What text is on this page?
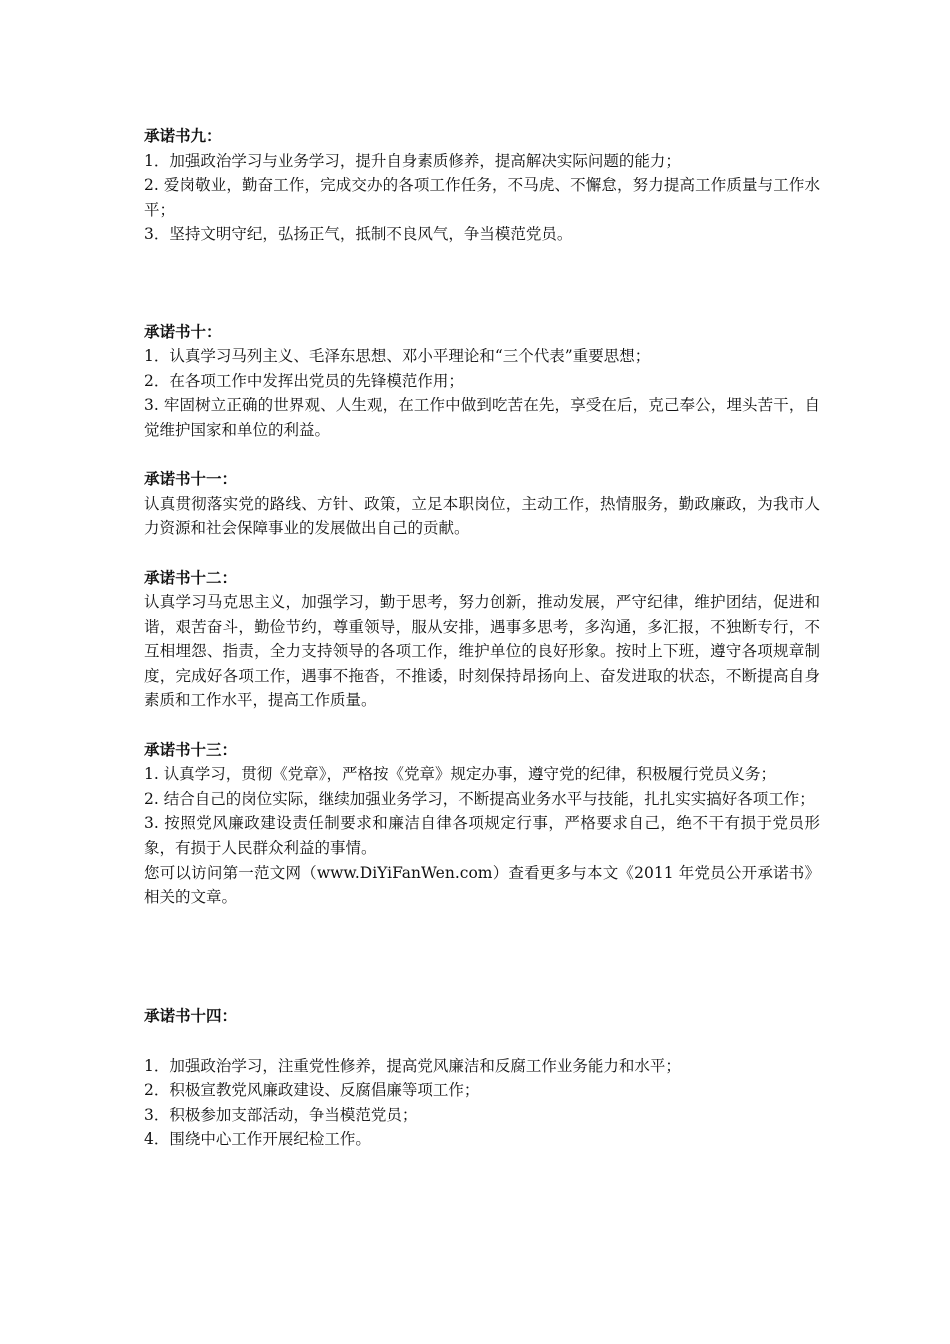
承诺书九：

1．加强政治学习与业务学习，提升自身素质修养，提高解决实际问题的能力；

2. 爱岗敬业，勤奋工作，完成交办的各项工作任务，不马虎、不懈怠，努力提高工作质量与工作水平；

3．坚持文明守纪，弘扬正气，抵制不良风气，争当模范党员。

承诺书十：

1．认真学习马列主义、毛泽东思想、邓小平理论和“三个代表”重要思想；

2．在各项工作中发挥出党员的先锋模范作用；

3. 牢固树立正确的世界观、人生观，在工作中做到吃苦在先，享受在后，克己奉公，埋头苦干，自觉维护国家和单位的利益。

承诺书十一：

认真贯彻落实党的路线、方针、政策，立足本职岗位，主动工作，热情服务，勤政廉政，为我市人力资源和社会保障事业的发展做出自己的贡献。

承诺书十二：

认真学习马克思主义，加强学习，勤于思考，努力创新，推动发展，严守纪律，维护团结，促进和谐，艰苦奋斗，勤俭节约，尊重领导，服从安排，遇事多思考，多沟通，多汇报，不独断专行，不互相埋怨、指责，全力支持领导的各项工作，维护单位的良好形象。按时上下班，遵守各项规章制度，完成好各项工作，遇事不拖沓，不推诿，时刻保持昂扬向上、奋发进取的状态，不断提高自身素质和工作水平，提高工作质量。

承诺书十三：

1. 认真学习，贯彻《党章》，严格按《党章》规定办事，遵守党的纪律，积极履行党员义务；

2. 结合自己的岗位实际，继续加强业务学习，不断提高业务水平与技能，扎扎实实搞好各项工作；

3. 按照党风廉政建设责任制要求和廉洁自律各项规定行事，严格要求自己，绝不干有损于党员形象，有损于人民群众利益的事情。

您可以访问第一范文网（www.DiYiFanWen.com）查看更多与本文《2011 年党员公开承诺书》相关的文章。

承诺书十四：

1．加强政治学习，注重党性修养，提高党风廉洁和反腐工作业务能力和水平；

2．积极宣教党风廉政建设、反腐倡廉等项工作；

3．积极参加支部活动，争当模范党员；

4．围绕中心工作开展纪检工作。
